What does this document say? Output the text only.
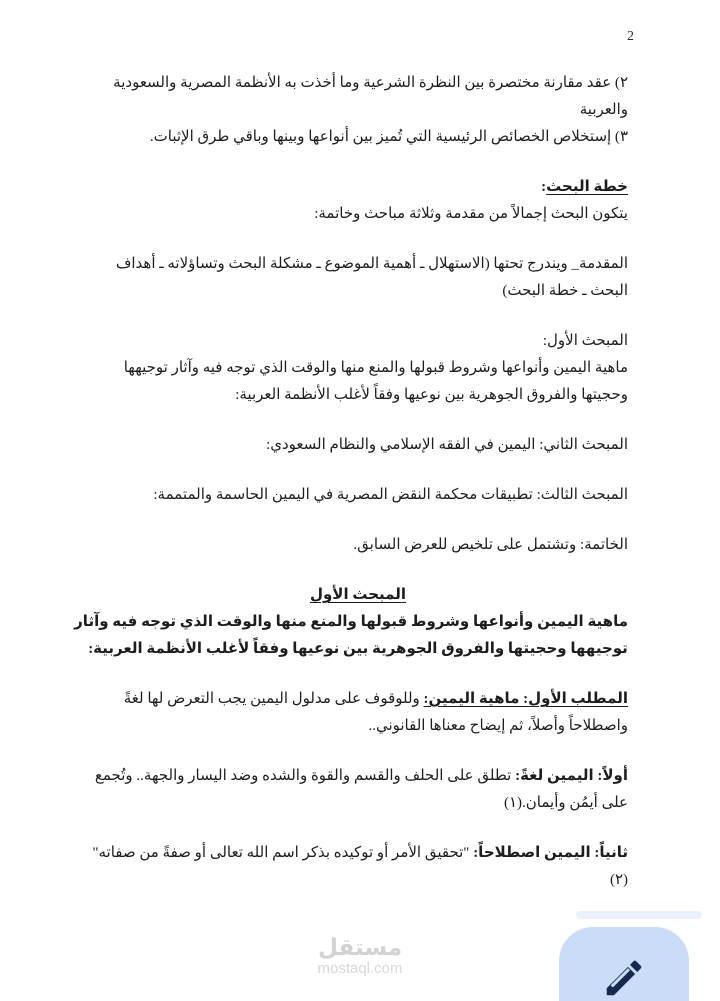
2
٢) عقد مقارنة مختصرة بين النظرة الشرعية وما أخذت به الأنظمة المصرية والسعودية
والعربية
٣) إستخلاص الخصائص الرئيسية التي تُميز بين أنواعها وبينها وباقي طرق الإثبات.
خطة البحث:
يتكون البحث إجمالاً من مقدمة وثلاثة مباحث وخاتمة:
المقدمة_ ويندرج تحتها (الاستهلال ـ أهمية الموضوع ـ مشكلة البحث وتساؤلاته ـ أهداف
البحث ـ خطة البحث)
المبحث الأول:
ماهية اليمين وأنواعها وشروط قبولها والمنع منها والوقت الذي توجه فيه وآثار توجيهها
وحجيتها والفروق الجوهرية بين نوعيها وفقاً لأغلب الأنظمة العربية:
المبحث الثاني: اليمين في الفقه الإسلامي والنظام السعودي:
المبحث الثالث: تطبيقات محكمة النقض المصرية في اليمين الحاسمة والمتممة:
الخاتمة: وتشتمل على تلخيص للعرض السابق.
المبحث الأول
ماهية اليمين وأنواعها وشروط قبولها والمنع منها والوقت الذي توجه فيه وآثار
توجيهها وحجيتها والفروق الجوهرية بين نوعيها وفقاً لأغلب الأنظمة العربية:
المطلب الأول: ماهية اليمين: وللوقوف على مدلول اليمين يجب التعرض لها لغةً
واصطلاحاً وأصلاً، ثم إيضاح معناها القانوني..
أولاً: اليمين لغةً: تطلق على الحلف والقسم والقوة والشده وضد اليسار والجهة.. وتُجمع
على أيمُن وأيمان.(١)
ثانياً: اليمين اصطلاحاً: "تحقيق الأمر أو توكيده بذكر اسم الله تعالى أو صفةً من صفاته"
(٢)
مستقل
mostaql.com
